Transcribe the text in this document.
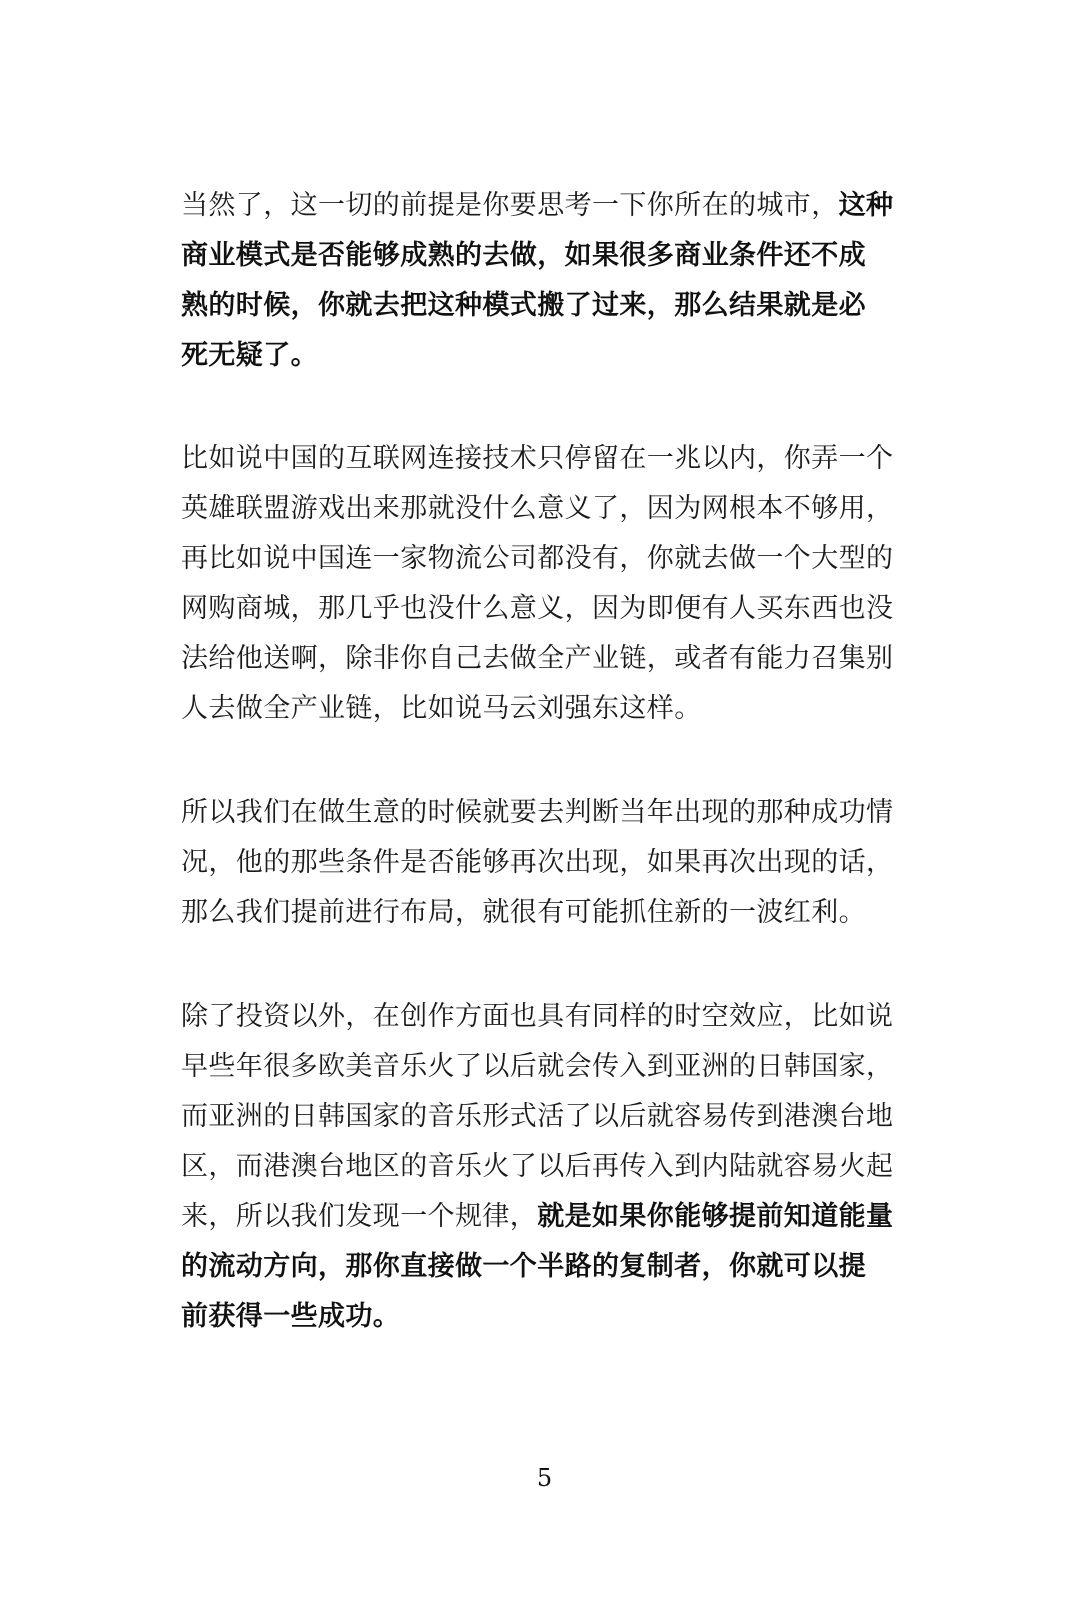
当然了，这一切的前提是你要思考一下你所在的城市，这种
商业模式是否能够成熟的去做，如果很多商业条件还不成
熟的时候，你就去把这种模式搬了过来，那么结果就是必
死无疑了。

比如说中国的互联网连接技术只停留在一兆以内，你弄一个
英雄联盟游戏出来那就没什么意义了，因为网根本不够用，
再比如说中国连一家物流公司都没有，你就去做一个大型的
网购商城，那几乎也没什么意义，因为即便有人买东西也没
法给他送啊，除非你自己去做全产业链，或者有能力召集别
人去做全产业链，比如说马云刘强东这样。

所以我们在做生意的时候就要去判断当年出现的那种成功情
况，他的那些条件是否能够再次出现，如果再次出现的话，
那么我们提前进行布局，就很有可能抓住新的一波红利。

除了投资以外，在创作方面也具有同样的时空效应，比如说
早些年很多欧美音乐火了以后就会传入到亚洲的日韩国家，
而亚洲的日韩国家的音乐形式活了以后就容易传到港澳台地
区，而港澳台地区的音乐火了以后再传入到内陆就容易火起
来，所以我们发现一个规律，就是如果你能够提前知道能量
的流动方向，那你直接做一个半路的复制者，你就可以提
前获得一些成功。

5
